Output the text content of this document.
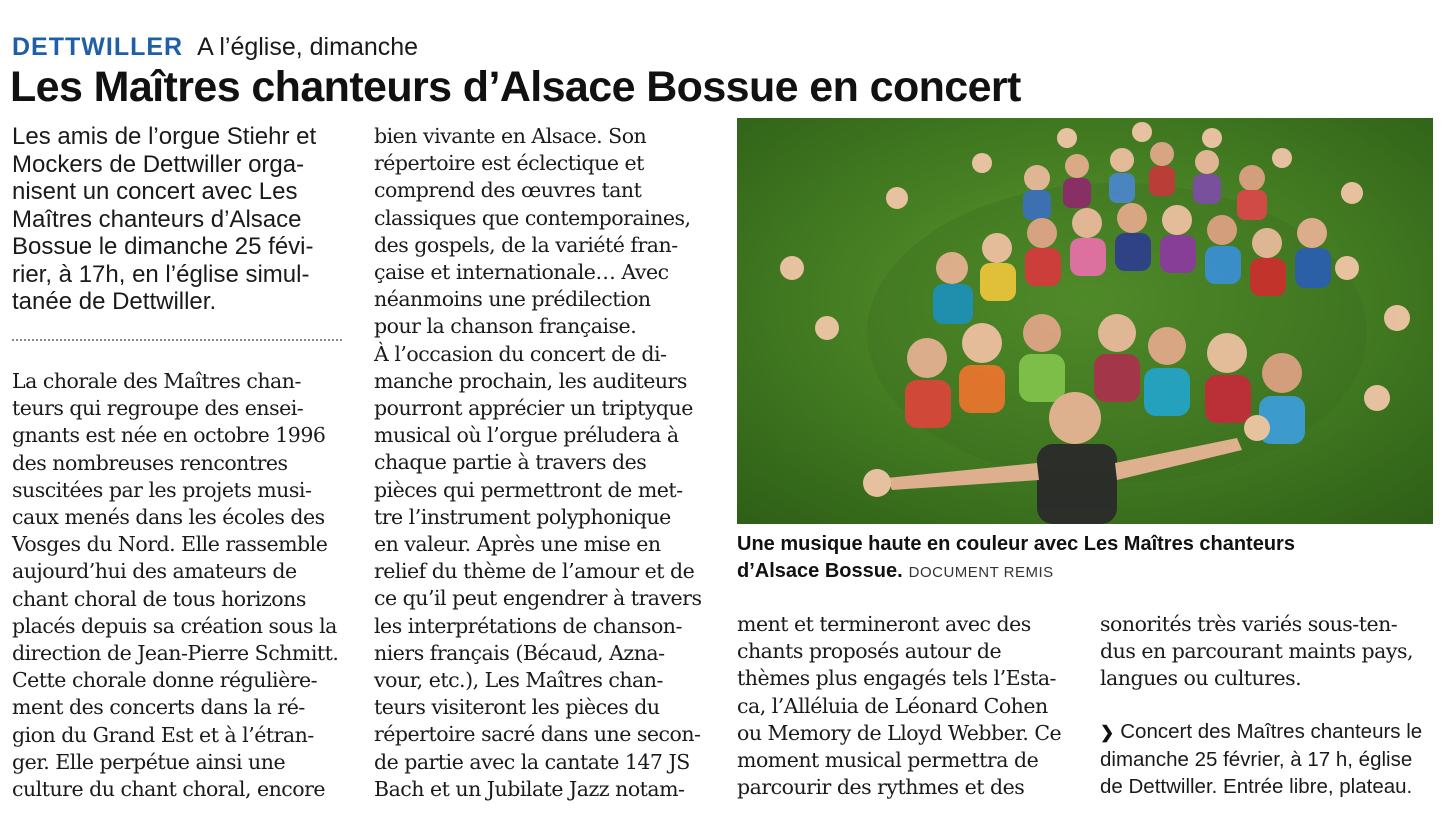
DETTWILLER A l’église, dimanche
Les Maîtres chanteurs d’Alsace Bossue en concert

Les amis de l’orgue Stiehr et

Mockers de Dettwiller orga-

nisent un concert avec Les

Maîtres chanteurs d’Alsace

Bossue le dimanche 25 févi-

rier, à 17h, en l’église simul-

tanée de Dettwiller.

La chorale des Maîtres chan-

teurs qui regroupe des ensei-

gnants est née en octobre 1996

des nombreuses rencontres

suscitées par les projets musi-

caux menés dans les écoles des

Vosges du Nord. Elle rassemble

aujourd’hui des amateurs de

chant choral de tous horizons

placés depuis sa création sous la

direction de Jean-Pierre Schmitt.

Cette chorale donne régulière-

ment des concerts dans la ré-

gion du Grand Est et à l’étran-

ger. Elle perpétue ainsi une

culture du chant choral, encore

bien vivante en Alsace. Son

répertoire est éclectique et

comprend des œuvres tant

classiques que contemporaines,

des gospels, de la variété fran-

çaise et internationale… Avec

néanmoins une prédilection

pour la chanson française.

À l’occasion du concert de di-

manche prochain, les auditeurs

pourront apprécier un triptyque

musical où l’orgue préludera à

chaque partie à travers des

pièces qui permettront de met-

tre l’instrument polyphonique

en valeur. Après une mise en

relief du thème de l’amour et de

ce qu’il peut engendrer à travers

les interprétations de chanson-

niers français (Bécaud, Azna-

vour, etc.), Les Maîtres chan-

teurs visiteront les pièces du

répertoire sacré dans une secon-

de partie avec la cantate 147 JS

Bach et un Jubilate Jazz notam-

Une musique haute en couleur avec Les Maîtres chanteurs

d’Alsace Bossue. DOCUMENT REMIS

ment et termineront avec des

chants proposés autour de

thèmes plus engagés tels l’Esta-

ca, l’Alléluia de Léonard Cohen

ou Memory de Lloyd Webber. Ce

moment musical permettra de

parcourir des rythmes et des

sonorités très variés sous-ten-

dus en parcourant maints pays,

langues ou cultures.

❯ Concert des Maîtres chanteurs le

dimanche 25 février, à 17 h, église

de Dettwiller. Entrée libre, plateau.
